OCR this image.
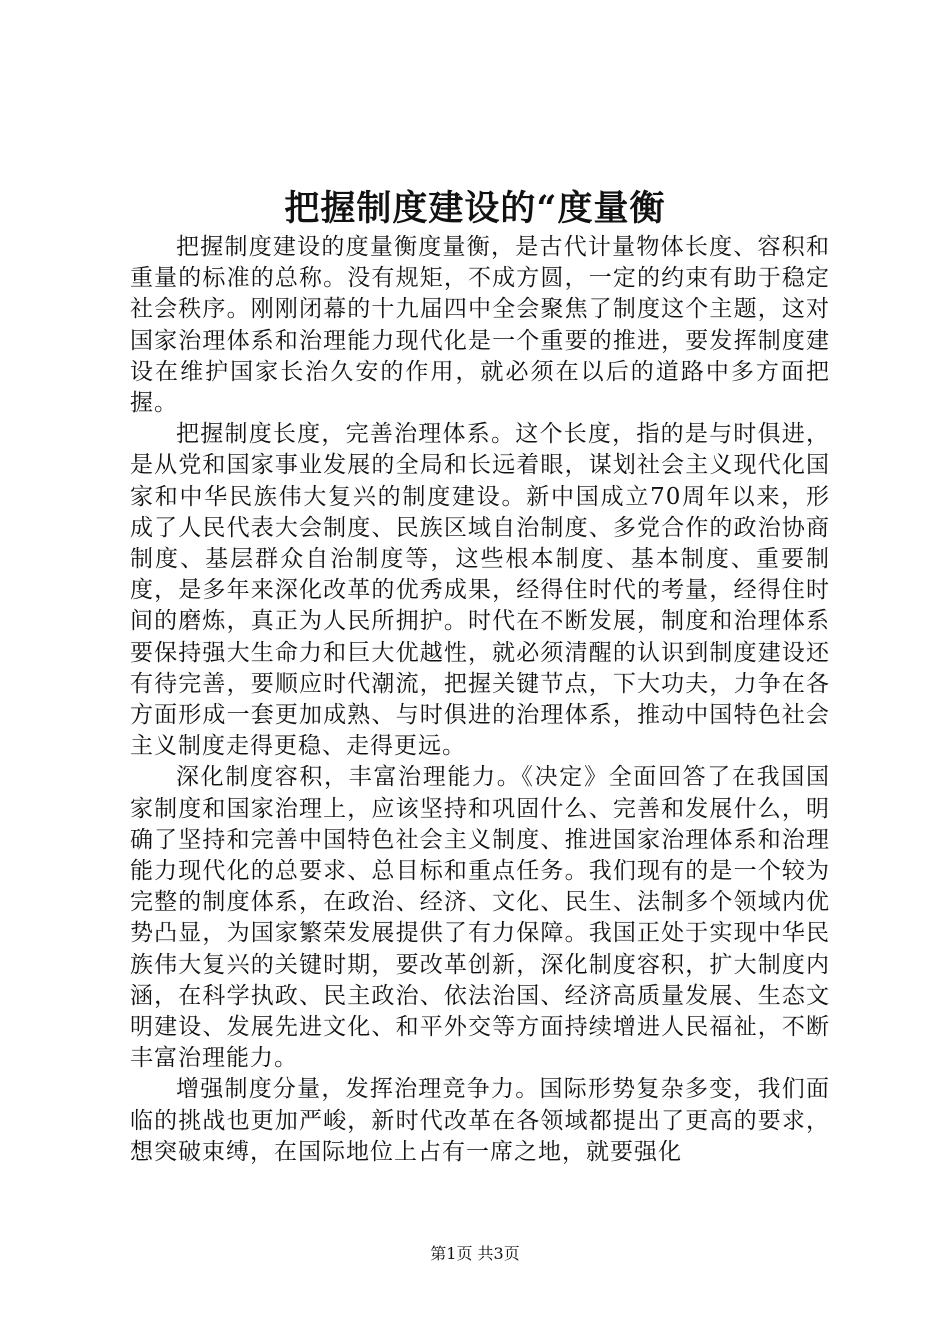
把握制度建设的“度量衡

把握制度建设的度量衡度量衡，是古代计量物体长度、容积和重量的标准的总称。没有规矩，不成方圆，一定的约束有助于稳定社会秩序。刚刚闭幕的十九届四中全会聚焦了制度这个主题，这对国家治理体系和治理能力现代化是一个重要的推进，要发挥制度建设在维护国家长治久安的作用，就必须在以后的道路中多方面把握。

把握制度长度，完善治理体系。这个长度，指的是与时俱进，是从党和国家事业发展的全局和长远着眼，谋划社会主义现代化国家和中华民族伟大复兴的制度建设。新中国成立70周年以来，形成了人民代表大会制度、民族区域自治制度、多党合作的政治协商制度、基层群众自治制度等，这些根本制度、基本制度、重要制度，是多年来深化改革的优秀成果，经得住时代的考量，经得住时间的磨炼，真正为人民所拥护。时代在不断发展，制度和治理体系要保持强大生命力和巨大优越性，就必须清醒的认识到制度建设还有待完善，要顺应时代潮流，把握关键节点，下大功夫，力争在各方面形成一套更加成熟、与时俱进的治理体系，推动中国特色社会主义制度走得更稳、走得更远。

深化制度容积，丰富治理能力。《决定》全面回答了在我国国家制度和国家治理上，应该坚持和巩固什么、完善和发展什么，明确了坚持和完善中国特色社会主义制度、推进国家治理体系和治理能力现代化的总要求、总目标和重点任务。我们现有的是一个较为完整的制度体系，在政治、经济、文化、民生、法制多个领域内优势凸显，为国家繁荣发展提供了有力保障。我国正处于实现中华民族伟大复兴的关键时期，要改革创新，深化制度容积，扩大制度内涵，在科学执政、民主政治、依法治国、经济高质量发展、生态文明建设、发展先进文化、和平外交等方面持续增进人民福祉，不断丰富治理能力。

增强制度分量，发挥治理竞争力。国际形势复杂多变，我们面临的挑战也更加严峻，新时代改革在各领域都提出了更高的要求，想突破束缚，在国际地位上占有一席之地，就要强化

第1页 共3页
